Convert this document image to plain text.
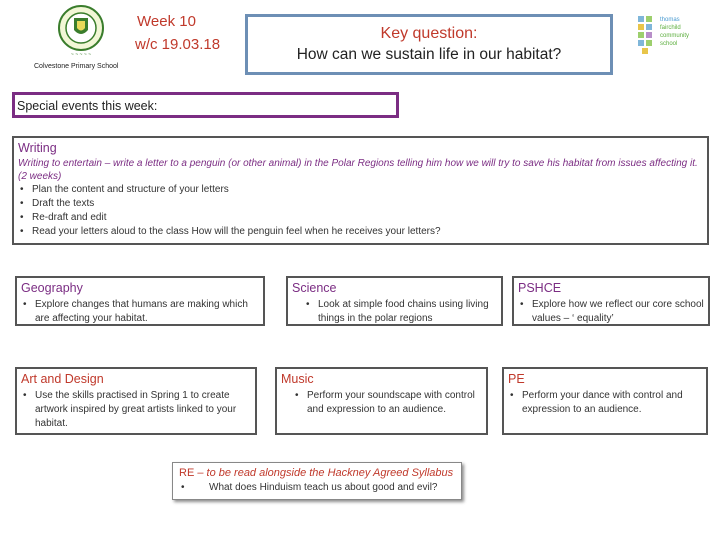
~ ~ ~ ~ ~
Colvestone Primary School
Week 10
w/c 19.03.18
Key question:
How can we sustain life in our habitat?
thomas
fairchild
community
school
Special events this week:
Writing
Writing to entertain – write a letter to a penguin (or other animal) in the Polar Regions telling him how we will try to save his habitat from issues affecting it. (2 weeks)
• Plan the content and structure of your letters
• Draft the texts
• Re-draft and edit
• Read your letters aloud to the class How will the penguin feel when he receives your letters?
Geography
• Explore changes that humans are making which are affecting your habitat.
Science
• Look at simple food chains using living things in the polar regions
PSHCE
• Explore how we reflect our core school values – ‘ equality’
Art and Design
• Use the skills practised in Spring 1 to create artwork inspired by great artists linked to your habitat.
Music
• Perform your soundscape with control and expression to an audience.
PE
• Perform your dance with control and expression to an audience.
RE – to be read alongside the Hackney Agreed Syllabus
• What does Hinduism teach us about good and evil?
